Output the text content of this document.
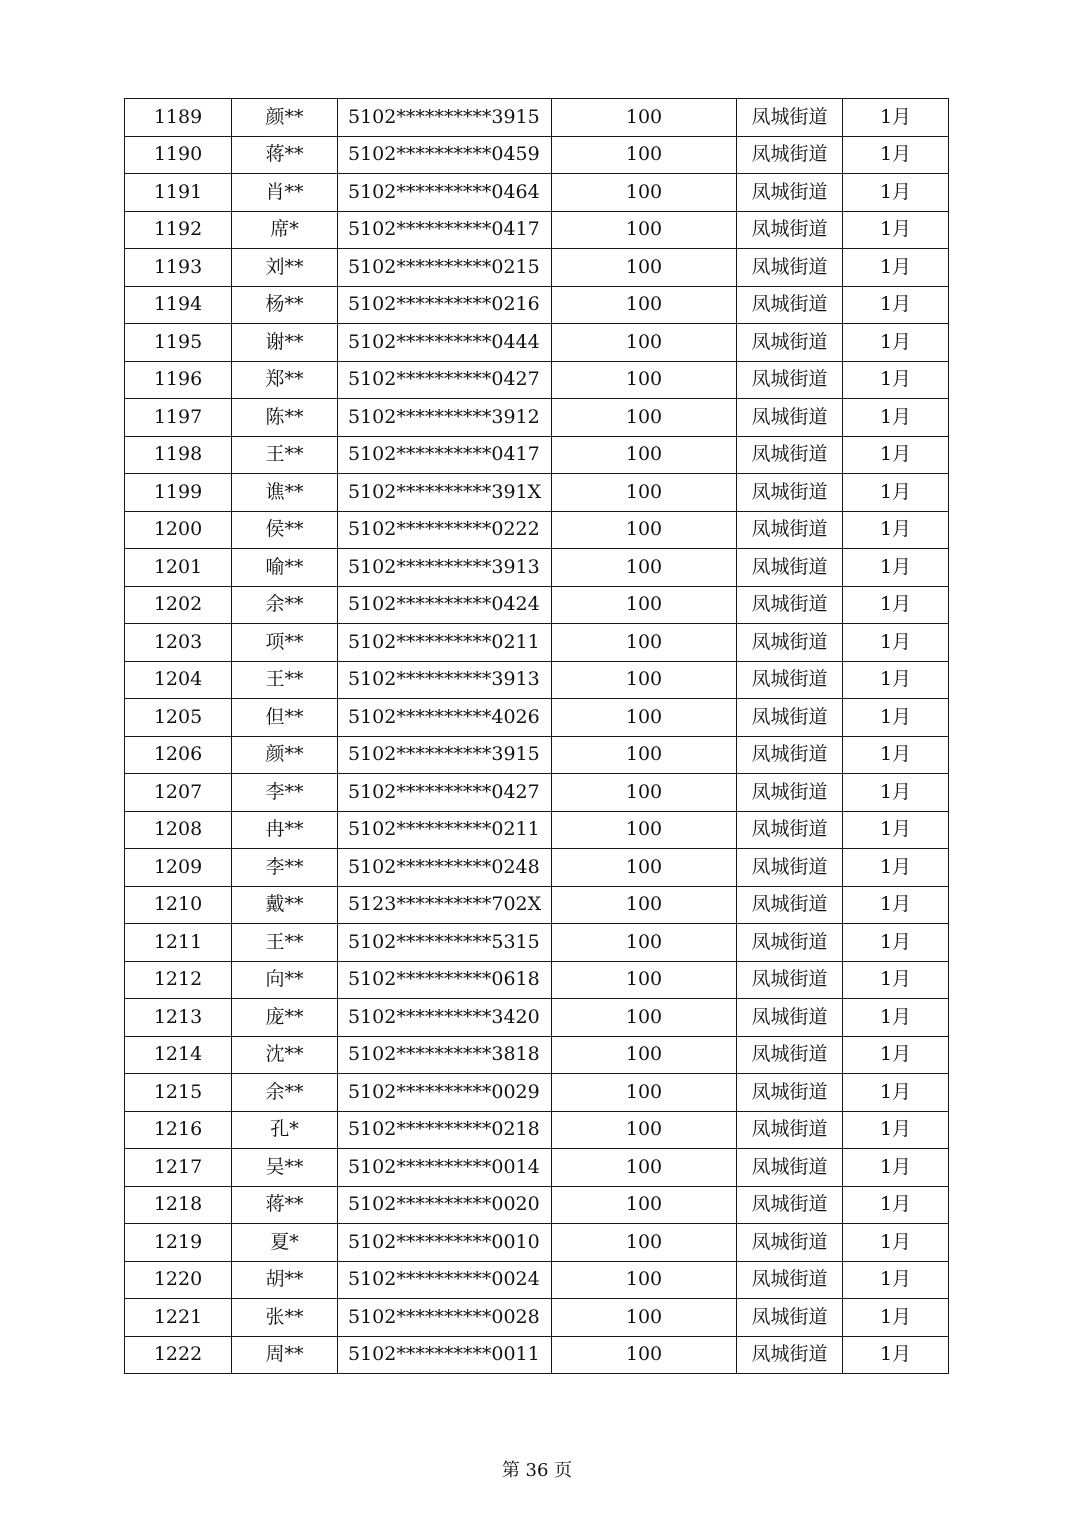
1189	颜**	5102**********3915	100	凤城街道	1月
1190	蒋**	5102**********0459	100	凤城街道	1月
1191	肖**	5102**********0464	100	凤城街道	1月
1192	席*	5102**********0417	100	凤城街道	1月
1193	刘**	5102**********0215	100	凤城街道	1月
1194	杨**	5102**********0216	100	凤城街道	1月
1195	谢**	5102**********0444	100	凤城街道	1月
1196	郑**	5102**********0427	100	凤城街道	1月
1197	陈**	5102**********3912	100	凤城街道	1月
1198	王**	5102**********0417	100	凤城街道	1月
1199	谯**	5102**********391X	100	凤城街道	1月
1200	侯**	5102**********0222	100	凤城街道	1月
1201	喻**	5102**********3913	100	凤城街道	1月
1202	余**	5102**********0424	100	凤城街道	1月
1203	项**	5102**********0211	100	凤城街道	1月
1204	王**	5102**********3913	100	凤城街道	1月
1205	但**	5102**********4026	100	凤城街道	1月
1206	颜**	5102**********3915	100	凤城街道	1月
1207	李**	5102**********0427	100	凤城街道	1月
1208	冉**	5102**********0211	100	凤城街道	1月
1209	李**	5102**********0248	100	凤城街道	1月
1210	戴**	5123**********702X	100	凤城街道	1月
1211	王**	5102**********5315	100	凤城街道	1月
1212	向**	5102**********0618	100	凤城街道	1月
1213	庞**	5102**********3420	100	凤城街道	1月
1214	沈**	5102**********3818	100	凤城街道	1月
1215	余**	5102**********0029	100	凤城街道	1月
1216	孔*	5102**********0218	100	凤城街道	1月
1217	吴**	5102**********0014	100	凤城街道	1月
1218	蒋**	5102**********0020	100	凤城街道	1月
1219	夏*	5102**********0010	100	凤城街道	1月
1220	胡**	5102**********0024	100	凤城街道	1月
1221	张**	5102**********0028	100	凤城街道	1月
1222	周**	5102**********0011	100	凤城街道	1月
第 36 页
